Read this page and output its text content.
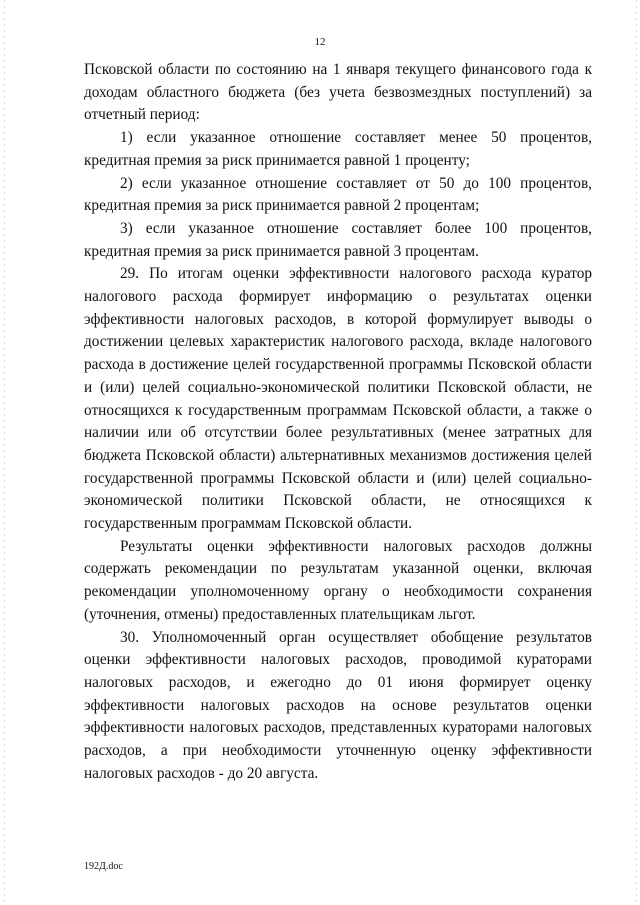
12

Псковской области по состоянию на 1 января текущего финансового года к доходам областного бюджета (без учета безвозмездных поступлений) за отчетный период:

1) если указанное отношение составляет менее 50 процентов, кредитная премия за риск принимается равной 1 проценту;

2) если указанное отношение составляет от 50 до 100 процентов, кредитная премия за риск принимается равной 2 процентам;

3) если указанное отношение составляет более 100 процентов, кредитная премия за риск принимается равной 3 процентам.

29. По итогам оценки эффективности налогового расхода куратор налогового расхода формирует информацию о результатах оценки эффективности налоговых расходов, в которой формулирует выводы о достижении целевых характеристик налогового расхода, вкладе налогового расхода в достижение целей государственной программы Псковской области и (или) целей социально-экономической политики Псковской области, не относящихся к государственным программам Псковской области, а также о наличии или об отсутствии более результативных (менее затратных для бюджета Псковской области) альтернативных механизмов достижения целей государственной программы Псковской области и (или) целей социально-экономической политики Псковской области, не относящихся к государственным программам Псковской области.

Результаты оценки эффективности налоговых расходов должны содержать рекомендации по результатам указанной оценки, включая рекомендации уполномоченному органу о необходимости сохранения (уточнения, отмены) предоставленных плательщикам льгот.

30. Уполномоченный орган осуществляет обобщение результатов оценки эффективности налоговых расходов, проводимой кураторами налоговых расходов, и ежегодно до 01 июня формирует оценку эффективности налоговых расходов на основе результатов оценки эффективности налоговых расходов, представленных кураторами налоговых расходов, а при необходимости уточненную оценку эффективности налоговых расходов - до 20 августа.

192Д.doc
